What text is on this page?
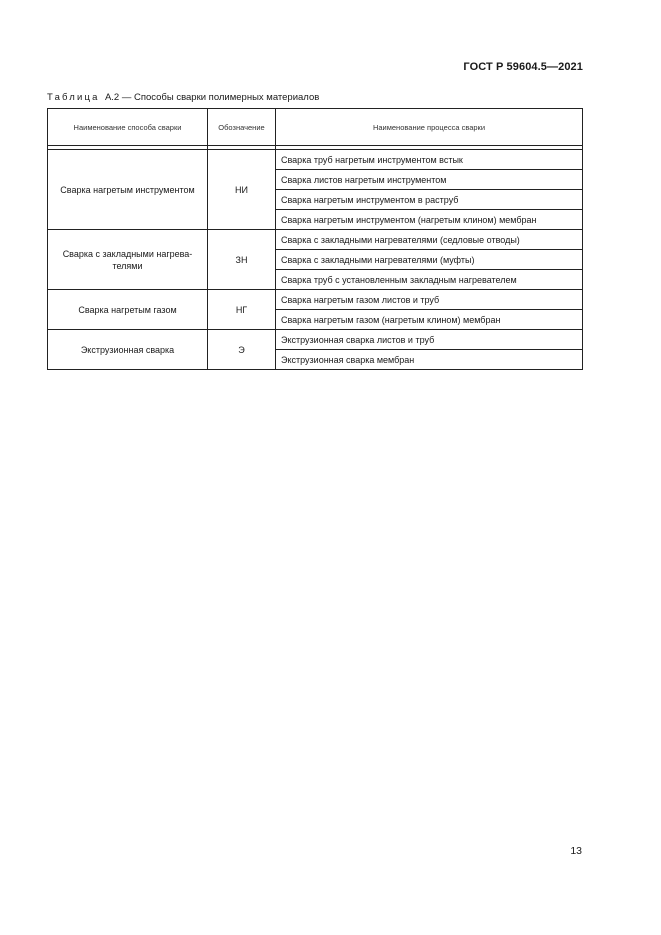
ГОСТ Р 59604.5—2021
Таблица А.2 — Способы сварки полимерных материалов
Наименование способа сварки	Обозначение	Наименование процесса сварки

Сварка нагретым инструментом	НИ	Сварка труб нагретым инструментом встык
		Сварка листов нагретым инструментом
		Сварка нагретым инструментом в раструб
		Сварка нагретым инструментом (нагретым клином) мембран
Сварка с закладными нагрева-телями	ЗН	Сварка с закладными нагревателями (седловые отводы)
		Сварка с закладными нагревателями (муфты)
		Сварка труб с установленным закладным нагревателем
Сварка нагретым газом	НГ	Сварка нагретым газом листов и труб
		Сварка нагретым газом (нагретым клином) мембран
Экструзионная сварка	Э	Экструзионная сварка листов и труб
		Экструзионная сварка мембран
13
